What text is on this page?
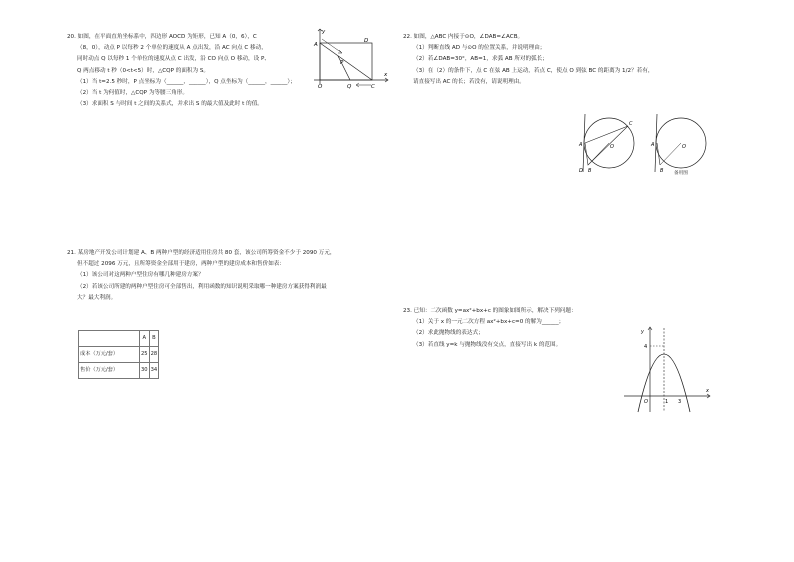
20. 如图，在平面直角坐标系中，四边形 AOCD 为矩形，已知 A（0，6），C

（8，0），动点 P 以每秒 2 个单位的速度从 A 点出发，沿 AC 向点 C 移动，

同时动点 Q 以每秒 1 个单位的速度从点 C 出发，沿 CO 向点 O 移动，设 P、

Q 两点移动 t 秒（0<t<5）时，△CQP 的面积为 S。

（1）当 t=2.5 秒时，P 点坐标为（______，______），Q 点坐标为（______，______）；

（2）当 t 为何值时，△CQP 为等腰三角形。

（3）求面积 S 与时间 t 之间的关系式，并求出 S 的最大值及此时 t 的值。

y
A
D
P
O	Q	C
x

21. 某房地产开发公司计划建 A、B 两种户型的经济适用住房共 80 套，该公司所筹资金不少于 2090 万元，

但不超过 2096 万元，且所筹资金全部用于建房，两种户型的建房成本和售价如表：

（1）该公司对这两种户型住房有哪几种建房方案？

（2）若该公司所建的两种户型住房可全部售出，利用函数的知识说明采取哪一种建房方案获得利润最

大？最大利润。

	A	B
成本（万元/套）	25	28
售价（万元/套）	30	34

22. 如图，△ABC 内接于⊙O，∠DAB=∠ACB。

（1）判断直线 AD 与⊙O 的位置关系，并说明理由；

（2）若∠DAB=30°，AB=1，求弧 AB 所对的弧长；

（3）在（2）的条件下，点 C 在弦 AB 上运动，若点 C，使点 O 到弦 BC 的距离为 1/2？若有，

请直接写出 AC 的长；若没有，请说明理由。

A
B
C
D
O	A
B
O
备用图

23. 已知：二次函数 y=ax²+bx+c 的图象如图所示，解决下列问题：

（1）关于 x 的一元二次方程 ax²+bx+c=0 的解为______；

（2）求此抛物线的表达式；

（3）若直线 y=k 与抛物线没有交点，直接写出 k 的范围。

y
x
4
O	1 3
